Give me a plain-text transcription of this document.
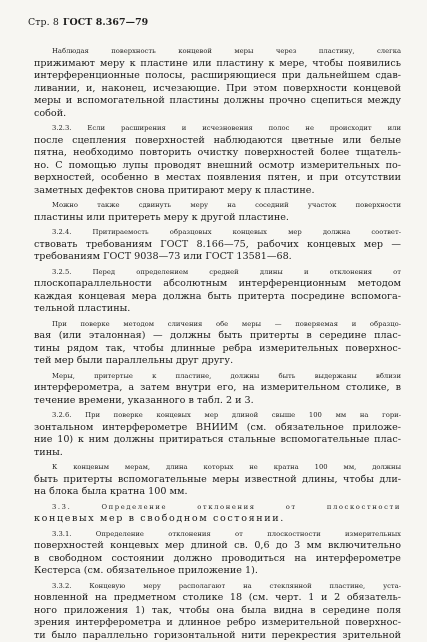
Стр. 8 ГОСТ 8.367—79
Наблюдая поверхность концевой меры через пластину, слегка
прижимают меру к пластине или пластину к мере, чтобы появились
интерференционные полосы, расширяющиеся при дальнейшем сдав-
ливании, и, наконец, исчезающие. При этом поверхности концевой
меры и вспомогательной пластины должны прочно сцепиться между
собой.
3.2.3. Если расширения и исчезновения полос не происходит или
после сцепления поверхностей наблюдаются цветные или белые
пятна, необходимо повторить очистку поверхностей более тщатель-
но. С помощью лупы проводят внешний осмотр измерительных по-
верхностей, особенно в местах появления пятен, и при отсутствии
заметных дефектов снова притирают меру к пластине.
Можно также сдвинуть меру на соседний участок поверхности
пластины или притереть меру к другой пластине.
3.2.4. Притираемость образцовых концевых мер должна соответ-
ствовать требованиям ГОСТ 8.166—75, рабочих концевых мер —
требованиям ГОСТ 9038—73 или ГОСТ 13581—68.
3.2.5. Перед определением средней длины и отклонения от
плоскопараллельности абсолютным интерференционным методом
каждая концевая мера должна быть притерта посредине вспомога-
тельной пластины.
При поверке методом сличения обе меры — поверяемая и образцо-
вая (или эталонная) — должны быть притерты в середине плас-
тины рядом так, чтобы длинные ребра измерительных поверхнос-
тей мер были параллельны друг другу.
Меры, притертые к пластине, должны быть выдержаны вблизи
интерферометра, а затем внутри его, на измерительном столике, в
течение времени, указанного в табл. 2 и 3.
3.2.6. При поверке концевых мер длиной свыше 100 мм на гори-
зонтальном интерферометре ВНИИМ (см. обязательное приложе-
ние 10) к ним должны притираться стальные вспомогательные плас-
тины.
К концевым мерам, длина которых не кратна 100 мм, должны
быть притерты вспомогательные меры известной длины, чтобы дли-
на блока была кратна 100 мм.
3.3. Определение отклонения от плоскостности
концевых мер в свободном состоянии.
3.3.1. Определение отклонения от плоскостности измерительных
поверхностей концевых мер длиной св. 0,6 до 3 мм включительно
в свободном состоянии должно проводиться на интерферометре
Кестерса (см. обязательное приложение 1).
3.3.2. Концевую меру располагают на стеклянной пластине, уста-
новленной на предметном столике 18 (см. черт. 1 и 2 обязатель-
ного приложения 1) так, чтобы она была видна в середине поля
зрения интерферометра и длинное ребро измерительной поверхнос-
ти было параллельно горизонтальной нити перекрестия зрительной
